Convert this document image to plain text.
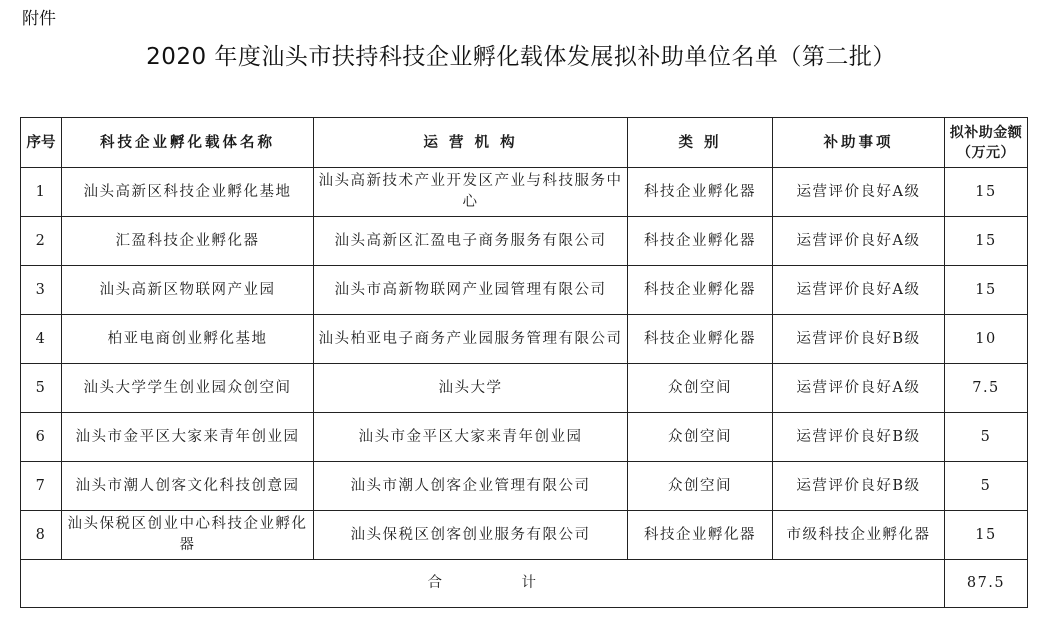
附件
2020 年度汕头市扶持科技企业孵化载体发展拟补助单位名单（第二批）
序号	科技企业孵化载体名称	运 营 机 构	类 别	补助事项	拟补助金额（万元）
1	汕头高新区科技企业孵化基地	汕头高新技术产业开发区产业与科技服务中心	科技企业孵化器	运营评价良好A级	15
2	汇盈科技企业孵化器	汕头高新区汇盈电子商务服务有限公司	科技企业孵化器	运营评价良好A级	15
3	汕头高新区物联网产业园	汕头市高新物联网产业园管理有限公司	科技企业孵化器	运营评价良好A级	15
4	柏亚电商创业孵化基地	汕头柏亚电子商务产业园服务管理有限公司	科技企业孵化器	运营评价良好B级	10
5	汕头大学学生创业园众创空间	汕头大学	众创空间	运营评价良好A级	7.5
6	汕头市金平区大家来青年创业园	汕头市金平区大家来青年创业园	众创空间	运营评价良好B级	5
7	汕头市潮人创客文化科技创意园	汕头市潮人创客企业管理有限公司	众创空间	运营评价良好B级	5
8	汕头保税区创业中心科技企业孵化器	汕头保税区创客创业服务有限公司	科技企业孵化器	市级科技企业孵化器	15
合 计					87.5
